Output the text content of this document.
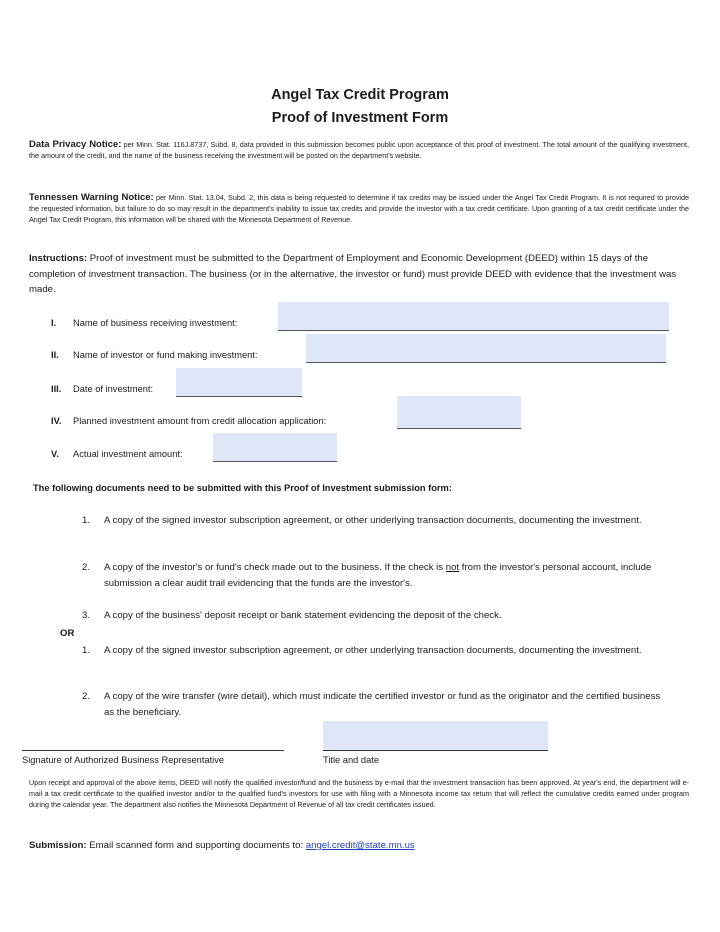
Angel Tax Credit Program
Proof of Investment Form
Data Privacy Notice: per Minn. Stat. 116J.8737, Subd. 8, data provided in this submission becomes public upon acceptance of this proof of investment. The total amount of the qualifying investment, the amount of the credit, and the name of the business receiving the investment will be posted on the department's website.
Tennessen Warning Notice: per Minn. Stat. 13.04, Subd. 2, this data is being requested to determine if tax credits may be issued under the Angel Tax Credit Program. It is not required to provide the requested information, but failure to do so may result in the department's inability to issue tax credits and provide the investor with a tax credit certificate. Upon granting of a tax credit certificate under the Angel Tax Credit Program, this information will be shared with the Minnesota Department of Revenue.
Instructions: Proof of investment must be submitted to the Department of Employment and Economic Development (DEED) within 15 days of the completion of investment transaction. The business (or in the alternative, the investor or fund) must provide DEED with evidence that the investment was made.
I. Name of business receiving investment:
II. Name of investor or fund making investment:
III. Date of investment:
IV. Planned investment amount from credit allocation application:
V. Actual investment amount:
The following documents need to be submitted with this Proof of Investment submission form:
1. A copy of the signed investor subscription agreement, or other underlying transaction documents, documenting the investment.
2. A copy of the investor's or fund's check made out to the business. If the check is not from the investor's personal account, include submission a clear audit trail evidencing that the funds are the investor's.
3. A copy of the business' deposit receipt or bank statement evidencing the deposit of the check.
OR
1. A copy of the signed investor subscription agreement, or other underlying transaction documents, documenting the investment.
2. A copy of the wire transfer (wire detail), which must indicate the certified investor or fund as the originator and the certified business as the beneficiary.
Signature of Authorized Business Representative	Title and date
Upon receipt and approval of the above items, DEED will notify the qualified investor/fund and the business by e-mail that the investment transaction has been approved. At year's end, the department will e-mail a tax credit certificate to the qualified investor and/or to the qualified fund's investors for use with filing with a Minnesota income tax return that will reflect the cumulative credits earned under program during the calendar year. The department also notifies the Minnesota Department of Revenue of all tax credit certificates issued.
Submission: Email scanned form and supporting documents to: angel.credit@state.mn.us
